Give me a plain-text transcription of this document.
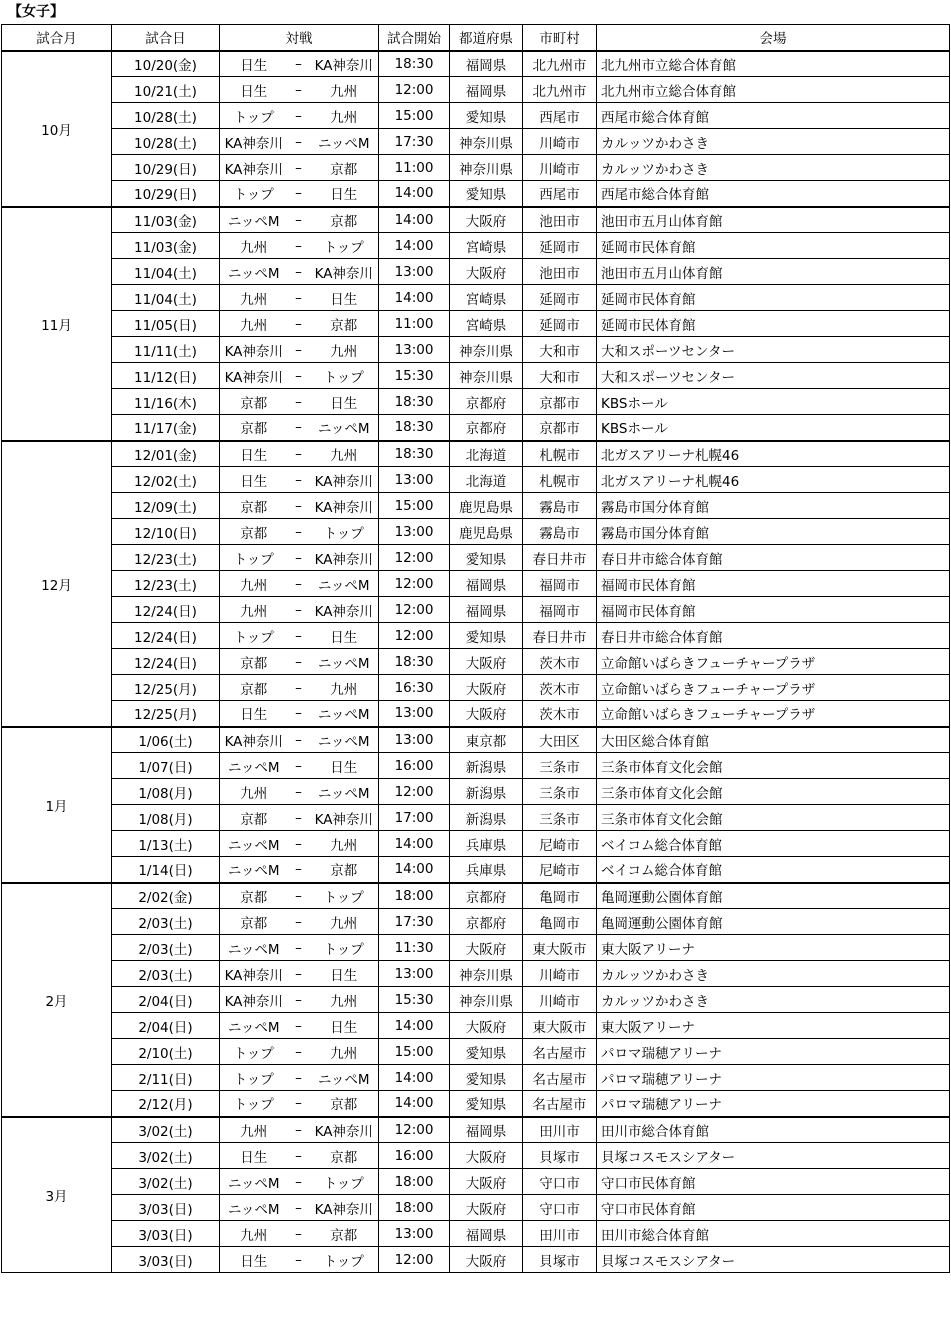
【女子】
試合月	試合日	対戦			試合開始	都道府県	市町村	会場
10月	10/20(金)	日生	–	KA神奈川	18:30	福岡県	北九州市	北九州市立総合体育館
	10/21(土)	日生	–	九州	12:00	福岡県	北九州市	北九州市立総合体育館
	10/28(土)	トップ	–	九州	15:00	愛知県	西尾市	西尾市総合体育館
	10/28(土)	KA神奈川	–	ニッペM	17:30	神奈川県	川崎市	カルッツかわさき
	10/29(日)	KA神奈川	–	京都	11:00	神奈川県	川崎市	カルッツかわさき
	10/29(日)	トップ	–	日生	14:00	愛知県	西尾市	西尾市総合体育館
11月	11/03(金)	ニッペM	–	京都	14:00	大阪府	池田市	池田市五月山体育館
	11/03(金)	九州	–	トップ	14:00	宮崎県	延岡市	延岡市民体育館
	11/04(土)	ニッペM	–	KA神奈川	13:00	大阪府	池田市	池田市五月山体育館
	11/04(土)	九州	–	日生	14:00	宮崎県	延岡市	延岡市民体育館
	11/05(日)	九州	–	京都	11:00	宮崎県	延岡市	延岡市民体育館
	11/11(土)	KA神奈川	–	九州	13:00	神奈川県	大和市	大和スポーツセンター
	11/12(日)	KA神奈川	–	トップ	15:30	神奈川県	大和市	大和スポーツセンター
	11/16(木)	京都	–	日生	18:30	京都府	京都市	KBSホール
	11/17(金)	京都	–	ニッペM	18:30	京都府	京都市	KBSホール
12月	12/01(金)	日生	–	九州	18:30	北海道	札幌市	北ガスアリーナ札幌46
	12/02(土)	日生	–	KA神奈川	13:00	北海道	札幌市	北ガスアリーナ札幌46
	12/09(土)	京都	–	KA神奈川	15:00	鹿児島県	霧島市	霧島市国分体育館
	12/10(日)	京都	–	トップ	13:00	鹿児島県	霧島市	霧島市国分体育館
	12/23(土)	トップ	–	KA神奈川	12:00	愛知県	春日井市	春日井市総合体育館
	12/23(土)	九州	–	ニッペM	12:00	福岡県	福岡市	福岡市民体育館
	12/24(日)	九州	–	KA神奈川	12:00	福岡県	福岡市	福岡市民体育館
	12/24(日)	トップ	–	日生	12:00	愛知県	春日井市	春日井市総合体育館
	12/24(日)	京都	–	ニッペM	18:30	大阪府	茨木市	立命館いばらきフューチャープラザ
	12/25(月)	京都	–	九州	16:30	大阪府	茨木市	立命館いばらきフューチャープラザ
	12/25(月)	日生	–	ニッペM	13:00	大阪府	茨木市	立命館いばらきフューチャープラザ
1月	1/06(土)	KA神奈川	–	ニッペM	13:00	東京都	大田区	大田区総合体育館
	1/07(日)	ニッペM	–	日生	16:00	新潟県	三条市	三条市体育文化会館
	1/08(月)	九州	–	ニッペM	12:00	新潟県	三条市	三条市体育文化会館
	1/08(月)	京都	–	KA神奈川	17:00	新潟県	三条市	三条市体育文化会館
	1/13(土)	ニッペM	–	九州	14:00	兵庫県	尼崎市	ベイコム総合体育館
	1/14(日)	ニッペM	–	京都	14:00	兵庫県	尼崎市	ベイコム総合体育館
2月	2/02(金)	京都	–	トップ	18:00	京都府	亀岡市	亀岡運動公園体育館
	2/03(土)	京都	–	九州	17:30	京都府	亀岡市	亀岡運動公園体育館
	2/03(土)	ニッペM	–	トップ	11:30	大阪府	東大阪市	東大阪アリーナ
	2/03(土)	KA神奈川	–	日生	13:00	神奈川県	川崎市	カルッツかわさき
	2/04(日)	KA神奈川	–	九州	15:30	神奈川県	川崎市	カルッツかわさき
	2/04(日)	ニッペM	–	日生	14:00	大阪府	東大阪市	東大阪アリーナ
	2/10(土)	トップ	–	九州	15:00	愛知県	名古屋市	パロマ瑞穂アリーナ
	2/11(日)	トップ	–	ニッペM	14:00	愛知県	名古屋市	パロマ瑞穂アリーナ
	2/12(月)	トップ	–	京都	14:00	愛知県	名古屋市	パロマ瑞穂アリーナ
3月	3/02(土)	九州	–	KA神奈川	12:00	福岡県	田川市	田川市総合体育館
	3/02(土)	日生	–	京都	16:00	大阪府	貝塚市	貝塚コスモスシアター
	3/02(土)	ニッペM	–	トップ	18:00	大阪府	守口市	守口市民体育館
	3/03(日)	ニッペM	–	KA神奈川	18:00	大阪府	守口市	守口市民体育館
	3/03(日)	九州	–	京都	13:00	福岡県	田川市	田川市総合体育館
	3/03(日)	日生	–	トップ	12:00	大阪府	貝塚市	貝塚コスモスシアター
